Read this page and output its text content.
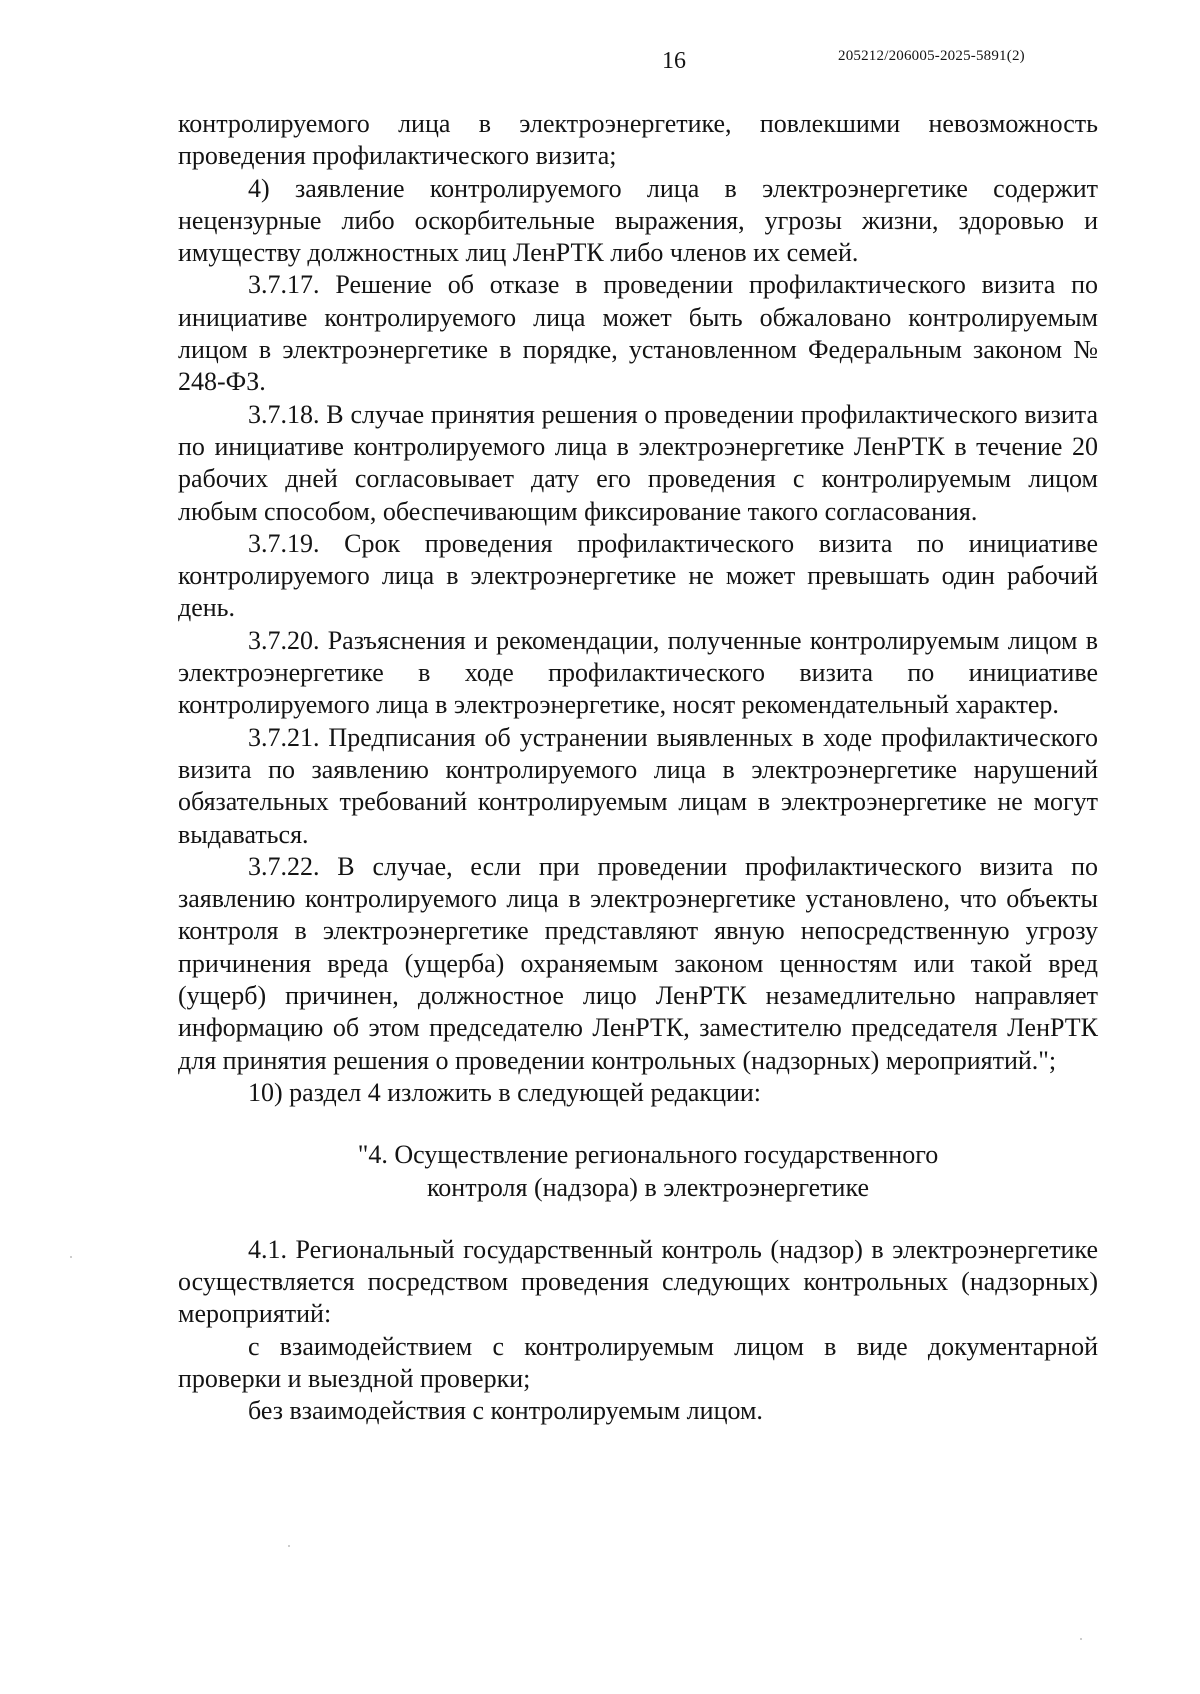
16	205212/206005-2025-5891(2)

контролируемого лица в электроэнергетике, повлекшими невозможность проведения профилактического визита;

4) заявление контролируемого лица в электроэнергетике содержит нецензурные либо оскорбительные выражения, угрозы жизни, здоровью и имуществу должностных лиц ЛенРТК либо членов их семей.

3.7.17. Решение об отказе в проведении профилактического визита по инициативе контролируемого лица может быть обжаловано контролируемым лицом в электроэнергетике в порядке, установленном Федеральным законом № 248-ФЗ.

3.7.18. В случае принятия решения о проведении профилактического визита по инициативе контролируемого лица в электроэнергетике ЛенРТК в течение 20 рабочих дней согласовывает дату его проведения с контролируемым лицом любым способом, обеспечивающим фиксирование такого согласования.

3.7.19. Срок проведения профилактического визита по инициативе контролируемого лица в электроэнергетике не может превышать один рабочий день.

3.7.20. Разъяснения и рекомендации, полученные контролируемым лицом в электроэнергетике в ходе профилактического визита по инициативе контролируемого лица в электроэнергетике, носят рекомендательный характер.

3.7.21. Предписания об устранении выявленных в ходе профилактического визита по заявлению контролируемого лица в электроэнергетике нарушений обязательных требований контролируемым лицам в электроэнергетике не могут выдаваться.

3.7.22. В случае, если при проведении профилактического визита по заявлению контролируемого лица в электроэнергетике установлено, что объекты контроля в электроэнергетике представляют явную непосредственную угрозу причинения вреда (ущерба) охраняемым законом ценностям или такой вред (ущерб) причинен, должностное лицо ЛенРТК незамедлительно направляет информацию об этом председателю ЛенРТК, заместителю председателя ЛенРТК для принятия решения о проведении контрольных (надзорных) мероприятий.";

10) раздел 4 изложить в следующей редакции:

"4. Осуществление регионального государственного
контроля (надзора) в электроэнергетике

4.1. Региональный государственный контроль (надзор) в электроэнергетике осуществляется посредством проведения следующих контрольных (надзорных) мероприятий:

с взаимодействием с контролируемым лицом в виде документарной проверки и выездной проверки;

без взаимодействия с контролируемым лицом.
